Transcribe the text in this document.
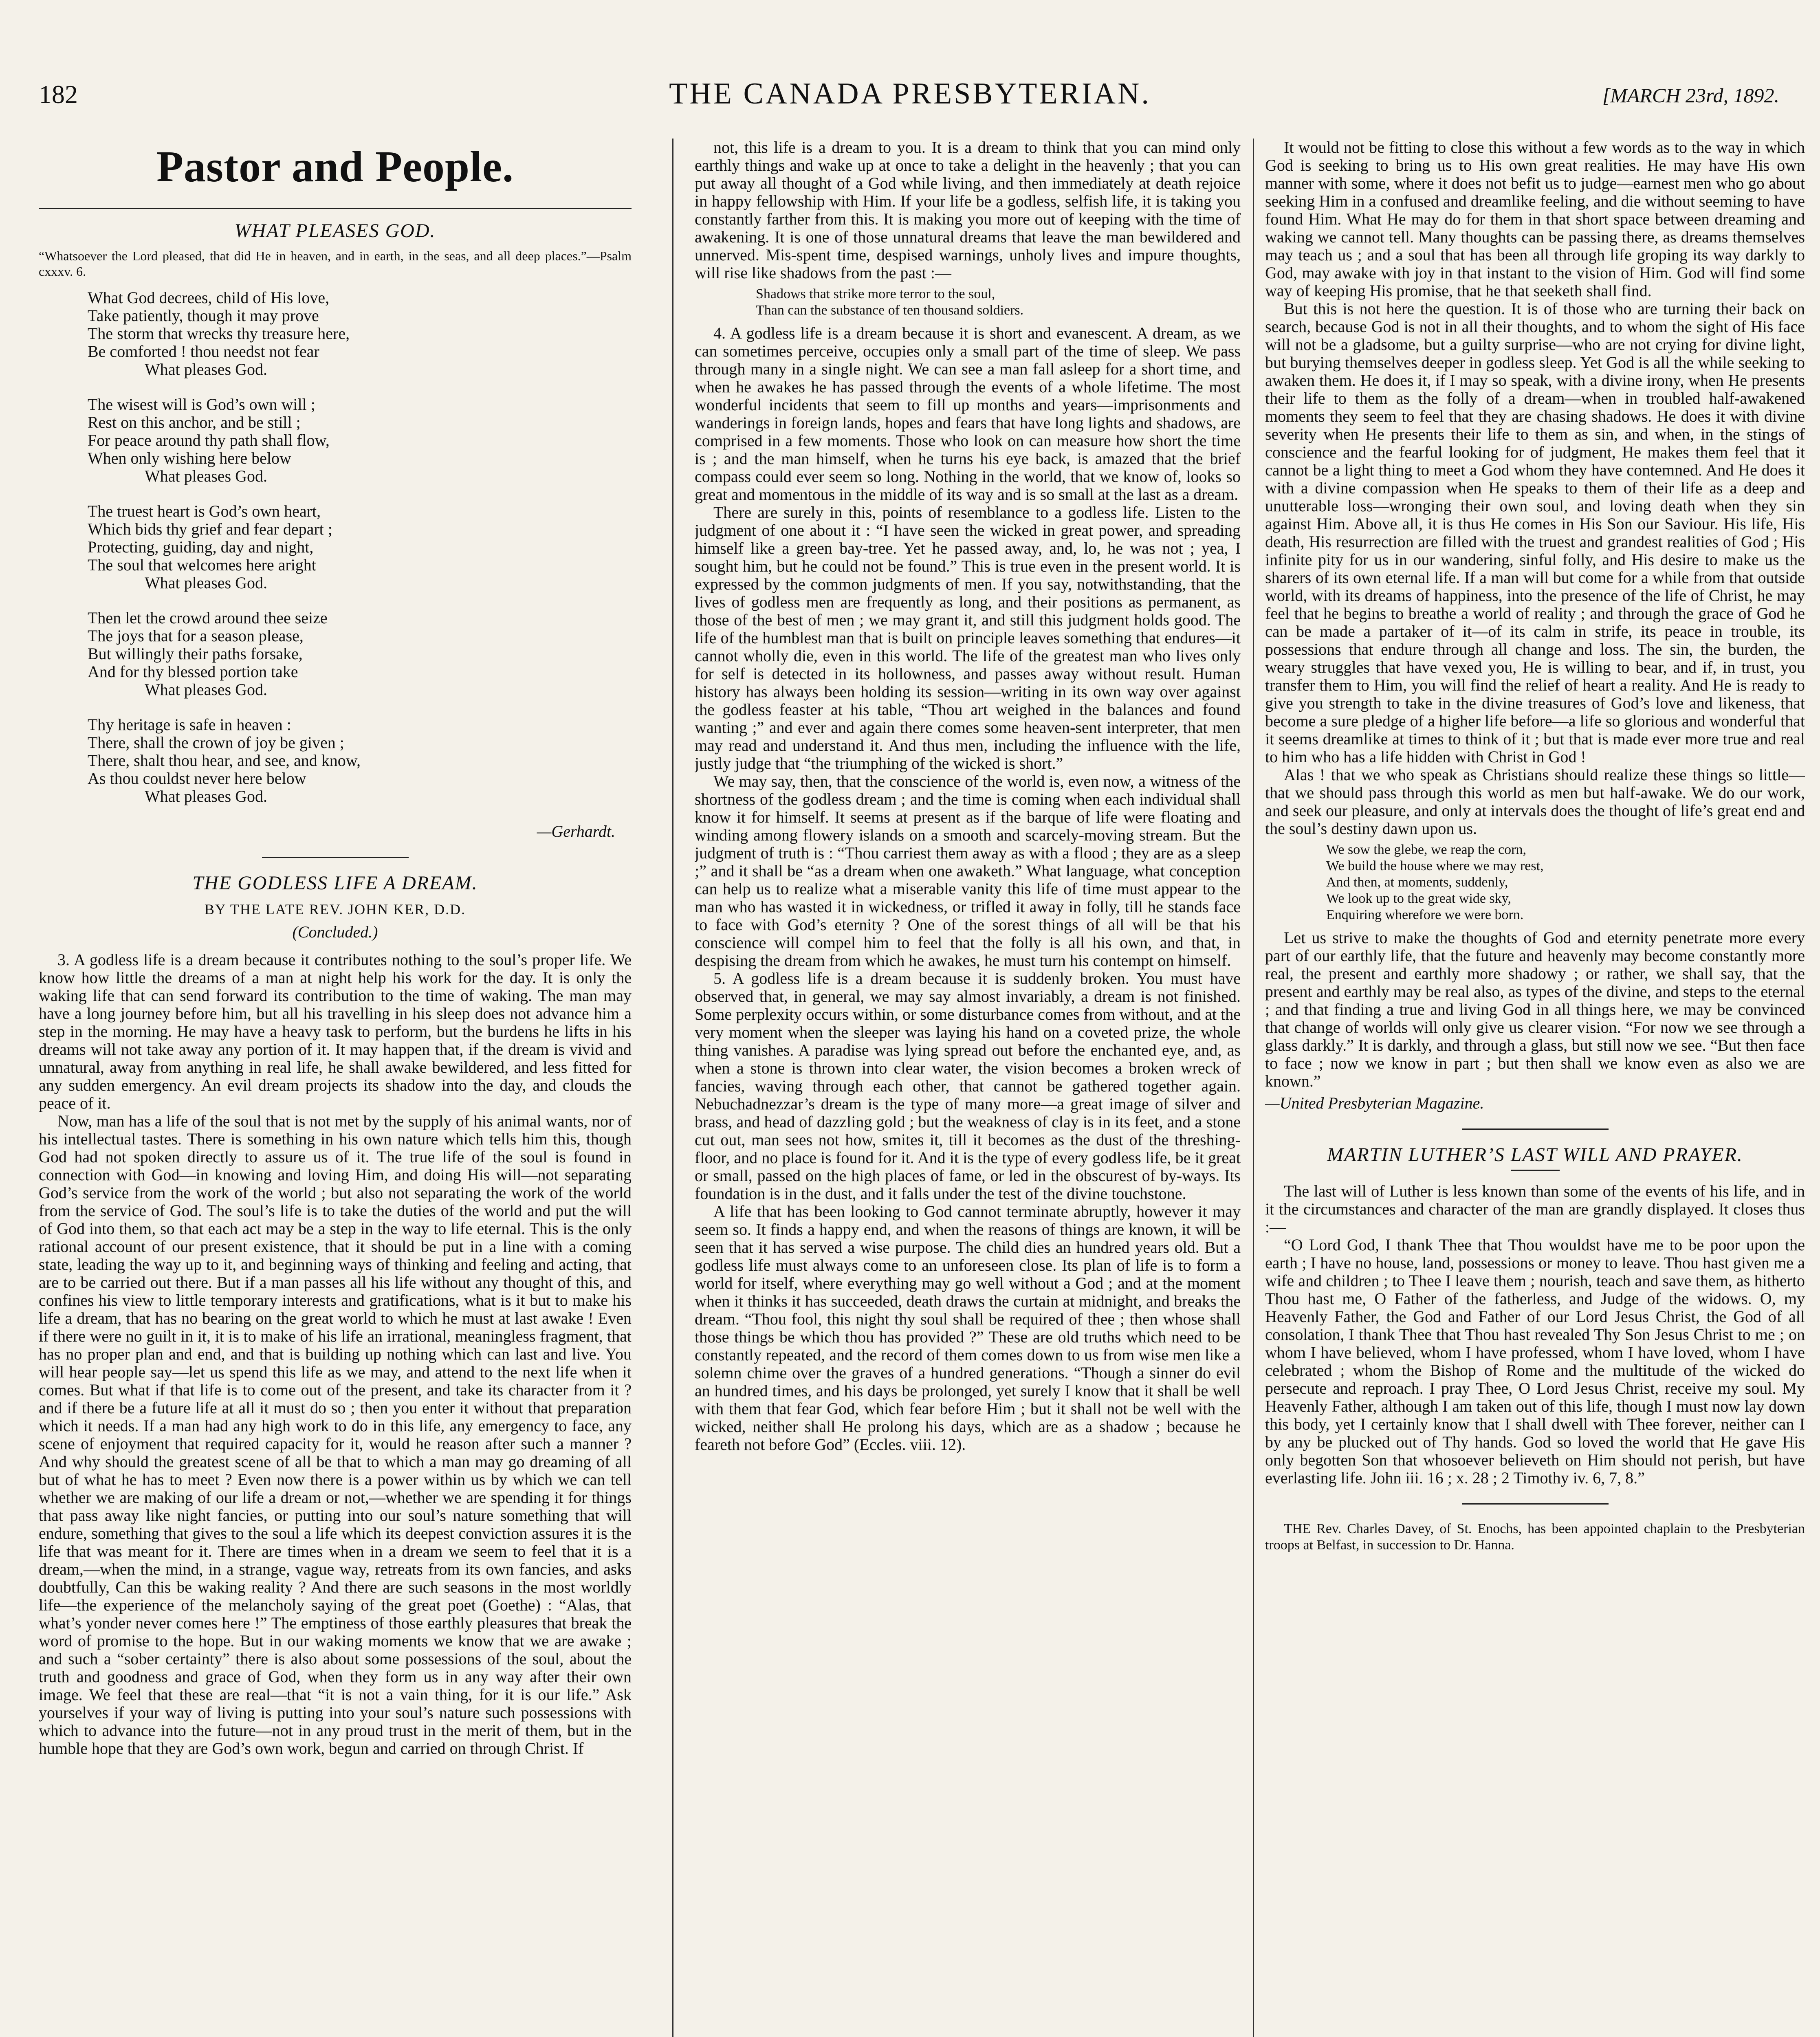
182	THE CANADA PRESBYTERIAN.	[MARCH 23rd, 1892.
Pastor and People.
WHAT PLEASES GOD.
“Whatsoever the Lord pleased, that did He in heaven, and in earth, in the seas, and all deep places.”—Psalm cxxxv. 6.
What God decrees, child of His love,
Take patiently, though it may prove
The storm that wrecks thy treasure here,
Be comforted ! thou needst not fear
What pleases God.
The wisest will is God’s own will ;
Rest on this anchor, and be still ;
For peace around thy path shall flow,
When only wishing here below
What pleases God.
The truest heart is God’s own heart,
Which bids thy grief and fear depart ;
Protecting, guiding, day and night,
The soul that welcomes here aright
What pleases God.
Then let the crowd around thee seize
The joys that for a season please,
But willingly their paths forsake,
And for thy blessed portion take
What pleases God.
Thy heritage is safe in heaven :
There, shall the crown of joy be given ;
There, shalt thou hear, and see, and know,
As thou couldst never here below
What pleases God.
—Gerhardt.
THE GODLESS LIFE A DREAM.
BY THE LATE REV. JOHN KER, D.D.
(Concluded.)

3. A godless life is a dream because it contributes nothing to the soul’s proper life. We know how little the dreams of a man at night help his work for the day. It is only the waking life that can send forward its contribution to the time of waking. The man may have a long journey before him, but all his travelling in his sleep does not advance him a step in the morning. He may have a heavy task to perform, but the burdens he lifts in his dreams will not take away any portion of it. It may happen that, if the dream is vivid and unnatural, away from anything in real life, he shall awake bewildered, and less fitted for any sudden emergency. An evil dream projects its shadow into the day, and clouds the peace of it.

Now, man has a life of the soul that is not met by the supply of his animal wants, nor of his intellectual tastes. There is something in his own nature which tells him this, though God had not spoken directly to assure us of it. The true life of the soul is found in connection with God—in knowing and loving Him, and doing His will—not separating God’s service from the work of the world ; but also not separating the work of the world from the service of God. The soul’s life is to take the duties of the world and put the will of God into them, so that each act may be a step in the way to life eternal. This is the only rational account of our present existence, that it should be put in a line with a coming state, leading the way up to it, and beginning ways of thinking and feeling and acting, that are to be carried out there. But if a man passes all his life without any thought of this, and confines his view to little temporary interests and gratifications, what is it but to make his life a dream, that has no bearing on the great world to which he must at last awake ! Even if there were no guilt in it, it is to make of his life an irrational, meaningless fragment, that has no proper plan and end, and that is building up nothing which can last and live. You will hear people say—let us spend this life as we may, and attend to the next life when it comes. But what if that life is to come out of the present, and take its character from it ? and if there be a future life at all it must do so ; then you enter it without that preparation which it needs. If a man had any high work to do in this life, any emergency to face, any scene of enjoyment that required capacity for it, would he reason after such a manner ? And why should the greatest scene of all be that to which a man may go dreaming of all but of what he has to meet ? Even now there is a power within us by which we can tell whether we are making of our life a dream or not,—whether we are spending it for things that pass away like night fancies, or putting into our soul’s nature something that will endure, something that gives to the soul a life which its deepest conviction assures it is the life that was meant for it. There are times when in a dream we seem to feel that it is a dream,—when the mind, in a strange, vague way, retreats from its own fancies, and asks doubtfully, Can this be waking reality ? And there are such seasons in the most worldly life—the experience of the melancholy saying of the great poet (Goethe) : “Alas, that what’s yonder never comes here !” The emptiness of those earthly pleasures that break the word of promise to the hope. But in our waking moments we know that we are awake ; and such a “sober certainty” there is also about some possessions of the soul, about the truth and goodness and grace of God, when they form us in any way after their own image. We feel that these are real—that “it is not a vain thing, for it is our life.” Ask yourselves if your way of living is putting into your soul’s nature such possessions with which to advance into the future—not in any proud trust in the merit of them, but in the humble hope that they are God’s own work, begun and carried on through Christ. If

not, this life is a dream to you. It is a dream to think that you can mind only earthly things and wake up at once to take a delight in the heavenly ; that you can put away all thought of a God while living, and then immediately at death rejoice in happy fellowship with Him. If your life be a godless, selfish life, it is taking you constantly farther from this. It is making you more out of keeping with the time of awakening. It is one of those unnatural dreams that leave the man bewildered and unnerved. Mis-spent time, despised warnings, unholy lives and impure thoughts, will rise like shadows from the past :—

Shadows that strike more terror to the soul,
Than can the substance of ten thousand soldiers.

4. A godless life is a dream because it is short and evanescent. A dream, as we can sometimes perceive, occupies only a small part of the time of sleep. We pass through many in a single night. We can see a man fall asleep for a short time, and when he awakes he has passed through the events of a whole lifetime. The most wonderful incidents that seem to fill up months and years—imprisonments and wanderings in foreign lands, hopes and fears that have long lights and shadows, are comprised in a few moments. Those who look on can measure how short the time is ; and the man himself, when he turns his eye back, is amazed that the brief compass could ever seem so long. Nothing in the world, that we know of, looks so great and momentous in the middle of its way and is so small at the last as a dream.

There are surely in this, points of resemblance to a godless life. Listen to the judgment of one about it : “I have seen the wicked in great power, and spreading himself like a green bay-tree. Yet he passed away, and, lo, he was not ; yea, I sought him, but he could not be found.” This is true even in the present world. It is expressed by the common judgments of men. If you say, notwithstanding, that the lives of godless men are frequently as long, and their positions as permanent, as those of the best of men ; we may grant it, and still this judgment holds good. The life of the humblest man that is built on principle leaves something that endures—it cannot wholly die, even in this world. The life of the greatest man who lives only for self is detected in its hollowness, and passes away without result. Human history has always been holding its session—writing in its own way over against the godless feaster at his table, “Thou art weighed in the balances and found wanting ;” and ever and again there comes some heaven-sent interpreter, that men may read and understand it. And thus men, including the influence with the life, justly judge that “the triumphing of the wicked is short.”

We may say, then, that the conscience of the world is, even now, a witness of the shortness of the godless dream ; and the time is coming when each individual shall know it for himself. It seems at present as if the barque of life were floating and winding among flowery islands on a smooth and scarcely-moving stream. But the judgment of truth is : “Thou carriest them away as with a flood ; they are as a sleep ;” and it shall be “as a dream when one awaketh.” What language, what conception can help us to realize what a miserable vanity this life of time must appear to the man who has wasted it in wickedness, or trifled it away in folly, till he stands face to face with God’s eternity ? One of the sorest things of all will be that his conscience will compel him to feel that the folly is all his own, and that, in despising the dream from which he awakes, he must turn his contempt on himself.

5. A godless life is a dream because it is suddenly broken. You must have observed that, in general, we may say almost invariably, a dream is not finished. Some perplexity occurs within, or some disturbance comes from without, and at the very moment when the sleeper was laying his hand on a coveted prize, the whole thing vanishes. A paradise was lying spread out before the enchanted eye, and, as when a stone is thrown into clear water, the vision becomes a broken wreck of fancies, waving through each other, that cannot be gathered together again. Nebuchadnezzar’s dream is the type of many more—a great image of silver and brass, and head of dazzling gold ; but the weakness of clay is in its feet, and a stone cut out, man sees not how, smites it, till it becomes as the dust of the threshing-floor, and no place is found for it. And it is the type of every godless life, be it great or small, passed on the high places of fame, or led in the obscurest of by-ways. Its foundation is in the dust, and it falls under the test of the divine touchstone.

A life that has been looking to God cannot terminate abruptly, however it may seem so. It finds a happy end, and when the reasons of things are known, it will be seen that it has served a wise purpose. The child dies an hundred years old. But a godless life must always come to an unforeseen close. Its plan of life is to form a world for itself, where everything may go well without a God ; and at the moment when it thinks it has succeeded, death draws the curtain at midnight, and breaks the dream. “Thou fool, this night thy soul shall be required of thee ; then whose shall those things be which thou has provided ?” These are old truths which need to be constantly repeated, and the record of them comes down to us from wise men like a solemn chime over the graves of a hundred generations. “Though a sinner do evil an hundred times, and his days be prolonged, yet surely I know that it shall be well with them that fear God, which fear before Him ; but it shall not be well with the wicked, neither shall He prolong his days, which are as a shadow ; because he feareth not before God” (Eccles. viii. 12).

It would not be fitting to close this without a few words as to the way in which God is seeking to bring us to His own great realities. He may have His own manner with some, where it does not befit us to judge—earnest men who go about seeking Him in a confused and dreamlike feeling, and die without seeming to have found Him. What He may do for them in that short space between dreaming and waking we cannot tell. Many thoughts can be passing there, as dreams themselves may teach us ; and a soul that has been all through life groping its way darkly to God, may awake with joy in that instant to the vision of Him. God will find some way of keeping His promise, that he that seeketh shall find.

But this is not here the question. It is of those who are turning their back on search, because God is not in all their thoughts, and to whom the sight of His face will not be a gladsome, but a guilty surprise—who are not crying for divine light, but burying themselves deeper in godless sleep. Yet God is all the while seeking to awaken them. He does it, if I may so speak, with a divine irony, when He presents their life to them as the folly of a dream—when in troubled half-awakened moments they seem to feel that they are chasing shadows. He does it with divine severity when He presents their life to them as sin, and when, in the stings of conscience and the fearful looking for of judgment, He makes them feel that it cannot be a light thing to meet a God whom they have contemned. And He does it with a divine compassion when He speaks to them of their life as a deep and unutterable loss—wronging their own soul, and loving death when they sin against Him. Above all, it is thus He comes in His Son our Saviour. His life, His death, His resurrection are filled with the truest and grandest realities of God ; His infinite pity for us in our wandering, sinful folly, and His desire to make us the sharers of its own eternal life. If a man will but come for a while from that outside world, with its dreams of happiness, into the presence of the life of Christ, he may feel that he begins to breathe a world of reality ; and through the grace of God he can be made a partaker of it—of its calm in strife, its peace in trouble, its possessions that endure through all change and loss. The sin, the burden, the weary struggles that have vexed you, He is willing to bear, and if, in trust, you transfer them to Him, you will find the relief of heart a reality. And He is ready to give you strength to take in the divine treasures of God’s love and likeness, that become a sure pledge of a higher life before—a life so glorious and wonderful that it seems dreamlike at times to think of it ; but that is made ever more true and real to him who has a life hidden with Christ in God !

Alas ! that we who speak as Christians should realize these things so little—that we should pass through this world as men but half-awake. We do our work, and seek our pleasure, and only at intervals does the thought of life’s great end and the soul’s destiny dawn upon us.

We sow the glebe, we reap the corn,
We build the house where we may rest,
And then, at moments, suddenly,
We look up to the great wide sky,
Enquiring wherefore we were born.

Let us strive to make the thoughts of God and eternity penetrate more every part of our earthly life, that the future and heavenly may become constantly more real, the present and earthly more shadowy ; or rather, we shall say, that the present and earthly may be real also, as types of the divine, and steps to the eternal ; and that finding a true and living God in all things here, we may be convinced that change of worlds will only give us clearer vision. “For now we see through a glass darkly.” It is darkly, and through a glass, but still now we see. “But then face to face ; now we know in part ; but then shall we know even as also we are known.”

—United Presbyterian Magazine.
MARTIN LUTHER’S LAST WILL AND PRAYER.

The last will of Luther is less known than some of the events of his life, and in it the circumstances and character of the man are grandly displayed. It closes thus :—

“O Lord God, I thank Thee that Thou wouldst have me to be poor upon the earth ; I have no house, land, possessions or money to leave. Thou hast given me a wife and children ; to Thee I leave them ; nourish, teach and save them, as hitherto Thou hast me, O Father of the fatherless, and Judge of the widows. O, my Heavenly Father, the God and Father of our Lord Jesus Christ, the God of all consolation, I thank Thee that Thou hast revealed Thy Son Jesus Christ to me ; on whom I have believed, whom I have professed, whom I have loved, whom I have celebrated ; whom the Bishop of Rome and the multitude of the wicked do persecute and reproach. I pray Thee, O Lord Jesus Christ, receive my soul. My Heavenly Father, although I am taken out of this life, though I must now lay down this body, yet I certainly know that I shall dwell with Thee forever, neither can I by any be plucked out of Thy hands. God so loved the world that He gave His only begotten Son that whosoever believeth on Him should not perish, but have everlasting life. John iii. 16 ; x. 28 ; 2 Timothy iv. 6, 7, 8.”

THE Rev. Charles Davey, of St. Enochs, has been appointed chaplain to the Presbyterian troops at Belfast, in succession to Dr. Hanna.
